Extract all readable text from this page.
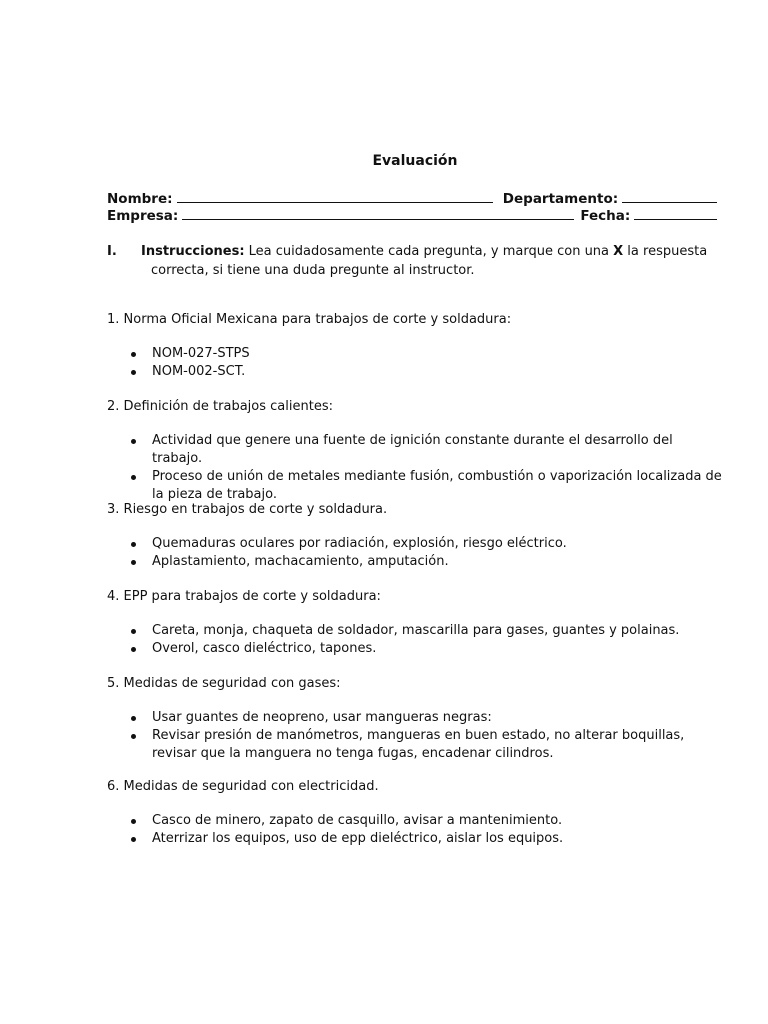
Evaluación
Nombre:	Departamento:
Empresa:	Fecha:
I. Instrucciones: Lea cuidadosamente cada pregunta, y marque con una X la respuesta
correcta, si tiene una duda pregunte al instructor.

1. Norma Oficial Mexicana para trabajos de corte y soldadura:

NOM-027-STPS
NOM-002-SCT.

2. Definición de trabajos calientes:

Actividad que genere una fuente de ignición constante durante el desarrollo del trabajo.
Proceso de unión de metales mediante fusión, combustión o vaporización localizada de la pieza de trabajo.

3. Riesgo en trabajos de corte y soldadura.

Quemaduras oculares por radiación, explosión, riesgo eléctrico.
Aplastamiento, machacamiento, amputación.

4. EPP para trabajos de corte y soldadura:

Careta, monja, chaqueta de soldador, mascarilla para gases, guantes y polainas.
Overol, casco dieléctrico, tapones.

5. Medidas de seguridad con gases:

Usar guantes de neopreno, usar mangueras negras:
Revisar presión de manómetros, mangueras en buen estado, no alterar boquillas, revisar que la manguera no tenga fugas, encadenar cilindros.

6. Medidas de seguridad con electricidad.

Casco de minero, zapato de casquillo, avisar a mantenimiento.
Aterrizar los equipos, uso de epp dieléctrico, aislar los equipos.
